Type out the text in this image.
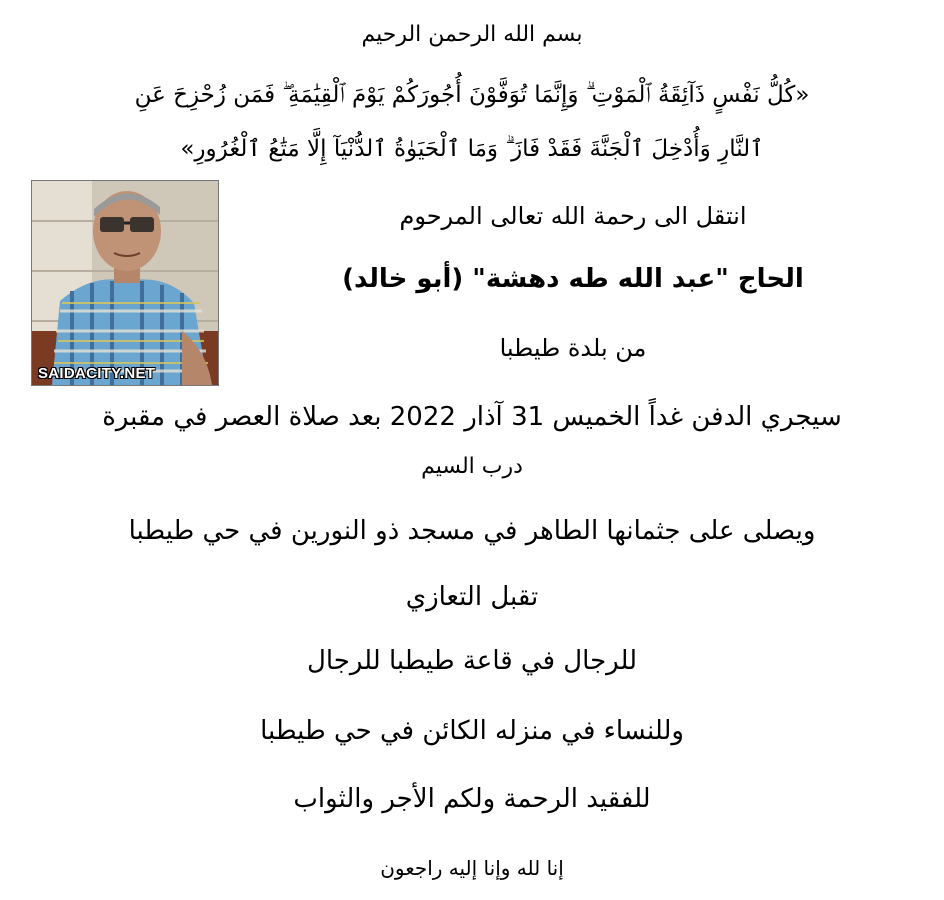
بسم الله الرحمن الرحيم
«كُلُّ نَفْسٍ ذَآئِقَةُ ٱلْمَوْتِ ۗ وَإِنَّمَا تُوَفَّوْنَ أُجُورَكُمْ يَوْمَ ٱلْقِيَٰمَةِ ۖ فَمَن زُحْزِحَ عَنِ
ٱلنَّارِ وَأُدْخِلَ ٱلْجَنَّةَ فَقَدْ فَازَ ۗ وَمَا ٱلْحَيَوٰةُ ٱلدُّنْيَآ إِلَّا مَتَٰعُ ٱلْغُرُورِ»
SAIDACITY.NET
انتقل الى رحمة الله تعالى المرحوم
الحاج "عبد الله طه دهشة" (أبو خالد)
من بلدة طيطبا
سيجري الدفن غداً الخميس 31 آذار 2022 بعد صلاة العصر في مقبرة
درب السيم
ويصلى على جثمانها الطاهر في مسجد ذو النورين في حي طيطبا
تقبل التعازي
للرجال في قاعة طيطبا للرجال
وللنساء في منزله الكائن في حي طيطبا
للفقيد الرحمة ولكم الأجر والثواب
إنا لله وإنا إليه راجعون
